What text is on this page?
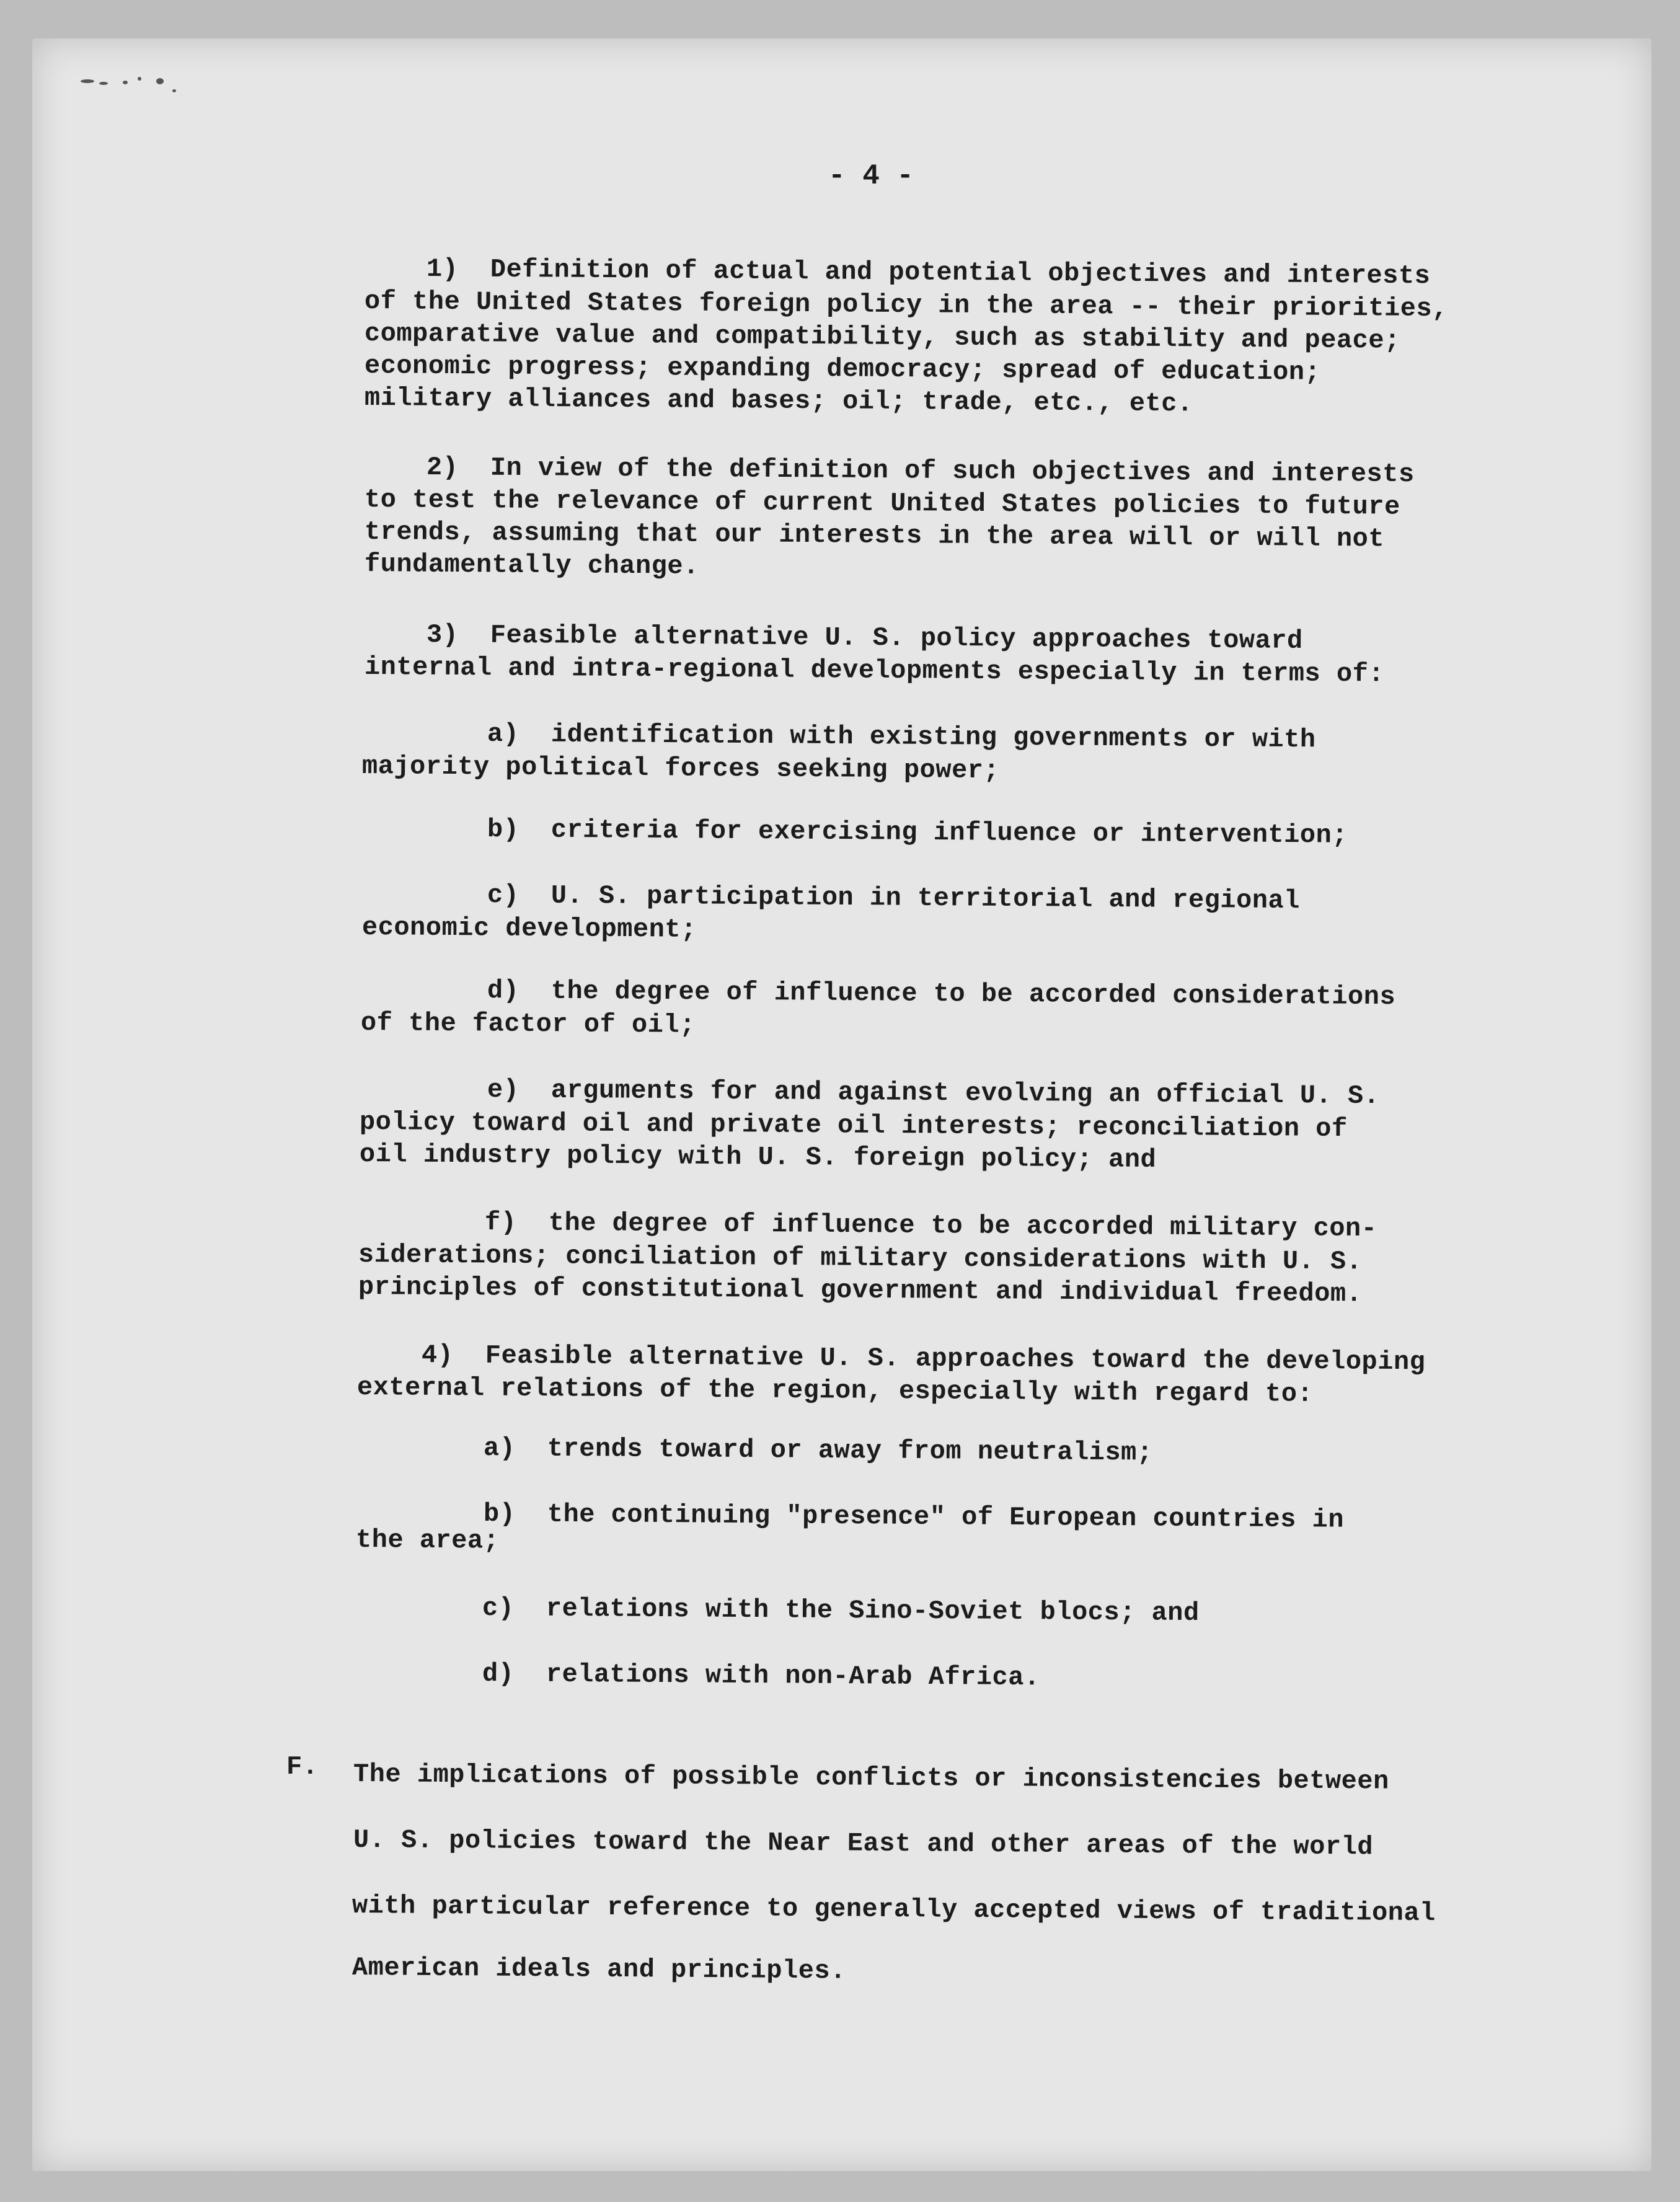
- 4 -
1)  Definition of actual and potential objectives and interests
of the United States foreign policy in the area -- their priorities,
comparative value and compatibility, such as stability and peace;
economic progress; expanding democracy; spread of education;
military alliances and bases; oil; trade, etc., etc.
2)  In view of the definition of such objectives and interests
to test the relevance of current United States policies to future
trends, assuming that our interests in the area will or will not
fundamentally change.
3)  Feasible alternative U. S. policy approaches toward
internal and intra-regional developments especially in terms of:
a)  identification with existing governments or with
majority political forces seeking power;
b)  criteria for exercising influence or intervention;
c)  U. S. participation in territorial and regional
economic development;
d)  the degree of influence to be accorded considerations
of the factor of oil;
e)  arguments for and against evolving an official U. S.
policy toward oil and private oil interests; reconciliation of
oil industry policy with U. S. foreign policy; and
f)  the degree of influence to be accorded military con-
siderations; conciliation of military considerations with U. S.
principles of constitutional government and individual freedom.
4)  Feasible alternative U. S. approaches toward the developing
external relations of the region, especially with regard to:
a)  trends toward or away from neutralism;
b)  the continuing "presence" of European countries in
the area;
c)  relations with the Sino-Soviet blocs; and
d)  relations with non-Arab Africa.
F. The implications of possible conflicts or inconsistencies between
U. S. policies toward the Near East and other areas of the world
with particular reference to generally accepted views of traditional
American ideals and principles.
